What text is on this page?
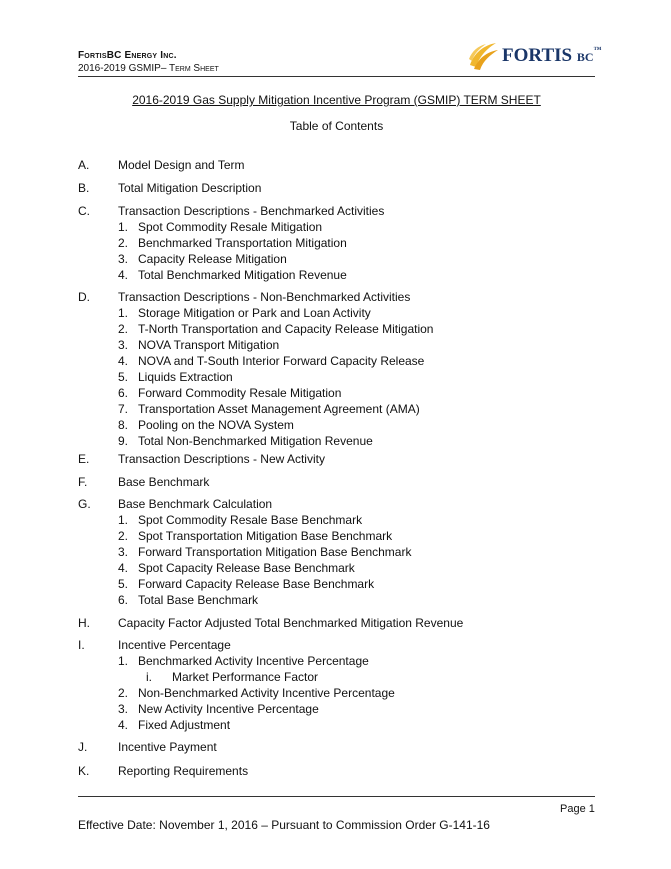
FortisBC Energy Inc.
2016-2019 GSMIP– Term Sheet
FORTIS BC™
2016-2019 Gas Supply Mitigation Incentive Program (GSMIP) TERM SHEET
Table of Contents
A. Model Design and Term
B. Total Mitigation Description
C. Transaction Descriptions - Benchmarked Activities
1. Spot Commodity Resale Mitigation
2. Benchmarked Transportation Mitigation
3. Capacity Release Mitigation
4. Total Benchmarked Mitigation Revenue
D. Transaction Descriptions - Non-Benchmarked Activities
1. Storage Mitigation or Park and Loan Activity
2. T-North Transportation and Capacity Release Mitigation
3. NOVA Transport Mitigation
4. NOVA and T-South Interior Forward Capacity Release
5. Liquids Extraction
6. Forward Commodity Resale Mitigation
7. Transportation Asset Management Agreement (AMA)
8. Pooling on the NOVA System
9. Total Non-Benchmarked Mitigation Revenue
E. Transaction Descriptions - New Activity
F.	Base Benchmark
G. Base Benchmark Calculation
1. Spot Commodity Resale Base Benchmark
2. Spot Transportation Mitigation Base Benchmark
3. Forward Transportation Mitigation Base Benchmark
4. Spot Capacity Release Base Benchmark
5. Forward Capacity Release Base Benchmark
6. Total Base Benchmark
H. Capacity Factor Adjusted Total Benchmarked Mitigation Revenue
I.	Incentive Percentage
1. Benchmarked Activity Incentive Percentage
i. Market Performance Factor
2. Non-Benchmarked Activity Incentive Percentage
3. New Activity Incentive Percentage
4. Fixed Adjustment
J.	Incentive Payment
K. Reporting Requirements
Page 1
Effective Date: November 1, 2016 – Pursuant to Commission Order G-141-16
